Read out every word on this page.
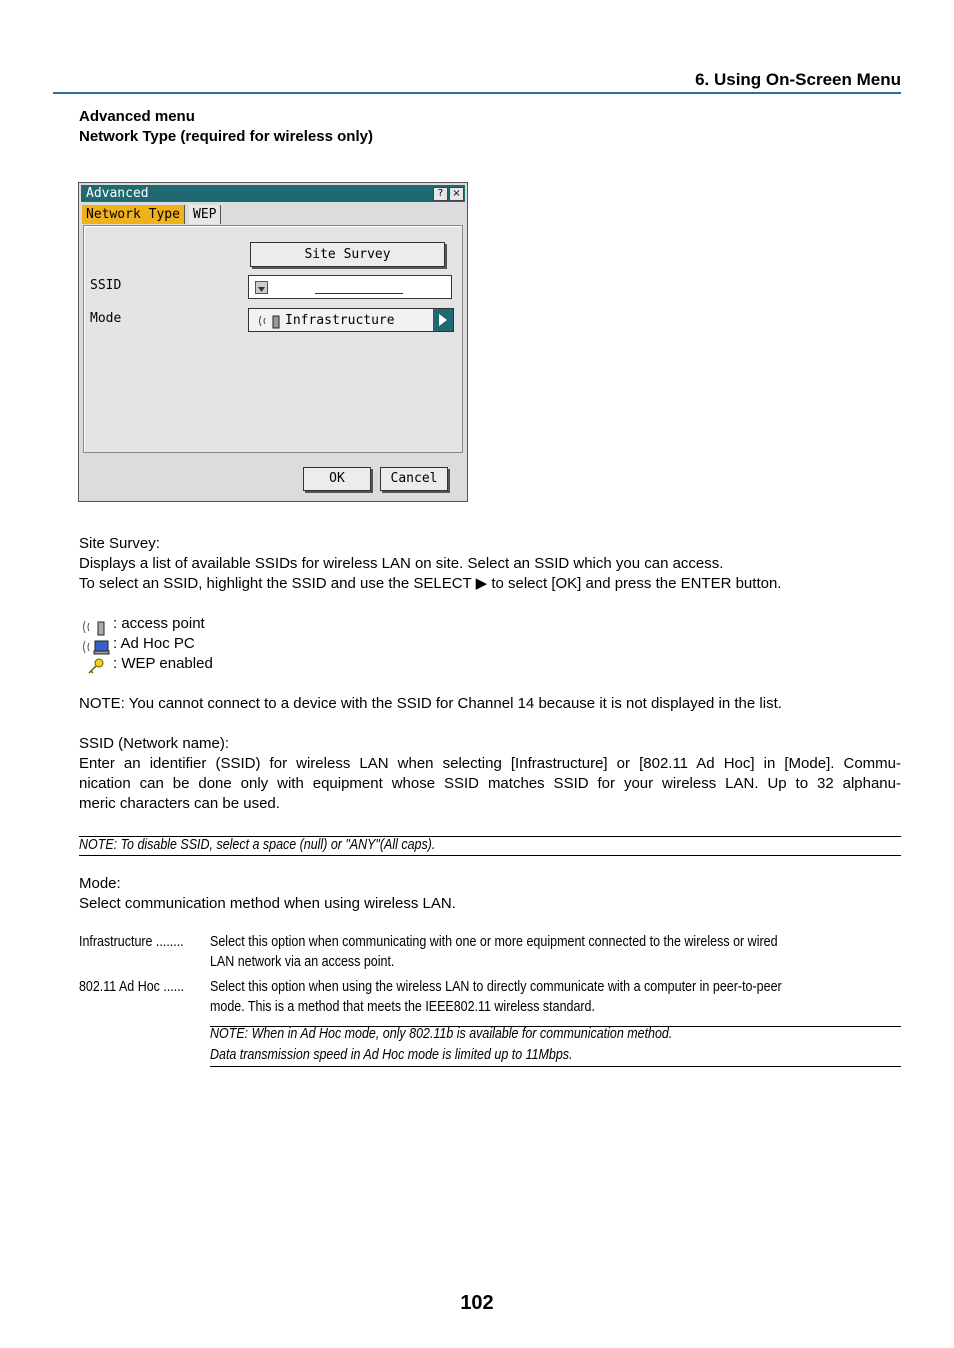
6. Using On-Screen Menu
Advanced menu
Network Type (required for wireless only)
Advanced	? ×
Network Type	WEP
Site Survey
SSID
Mode	Infrastructure
OK	Cancel
Site Survey:
Displays a list of available SSIDs for wireless LAN on site. Select an SSID which you can access.
To select an SSID, highlight the SSID and use the SELECT ▶ to select [OK] and press the ENTER button.
: access point
: Ad Hoc PC
: WEP enabled
NOTE: You cannot connect to a device with the SSID for Channel 14 because it is not displayed in the list.
SSID (Network name):
Enter an identifier (SSID) for wireless LAN when selecting [Infrastructure] or [802.11 Ad Hoc] in [Mode]. Commu-
nication can be done only with equipment whose SSID matches SSID for your wireless LAN. Up to 32 alphanu-
meric characters can be used.
NOTE: To disable SSID, select a space (null) or "ANY"(All caps).
Mode:
Select communication method when using wireless LAN.
Infrastructure ........ Select this option when communicating with one or more equipment connected to the wireless or wired
LAN network via an access point.
802.11 Ad Hoc ...... Select this option when using the wireless LAN to directly communicate with a computer in peer-to-peer
mode. This is a method that meets the IEEE802.11 wireless standard.
NOTE: When in Ad Hoc mode, only 802.11b is available for communication method.
Data transmission speed in Ad Hoc mode is limited up to 11Mbps.
102
